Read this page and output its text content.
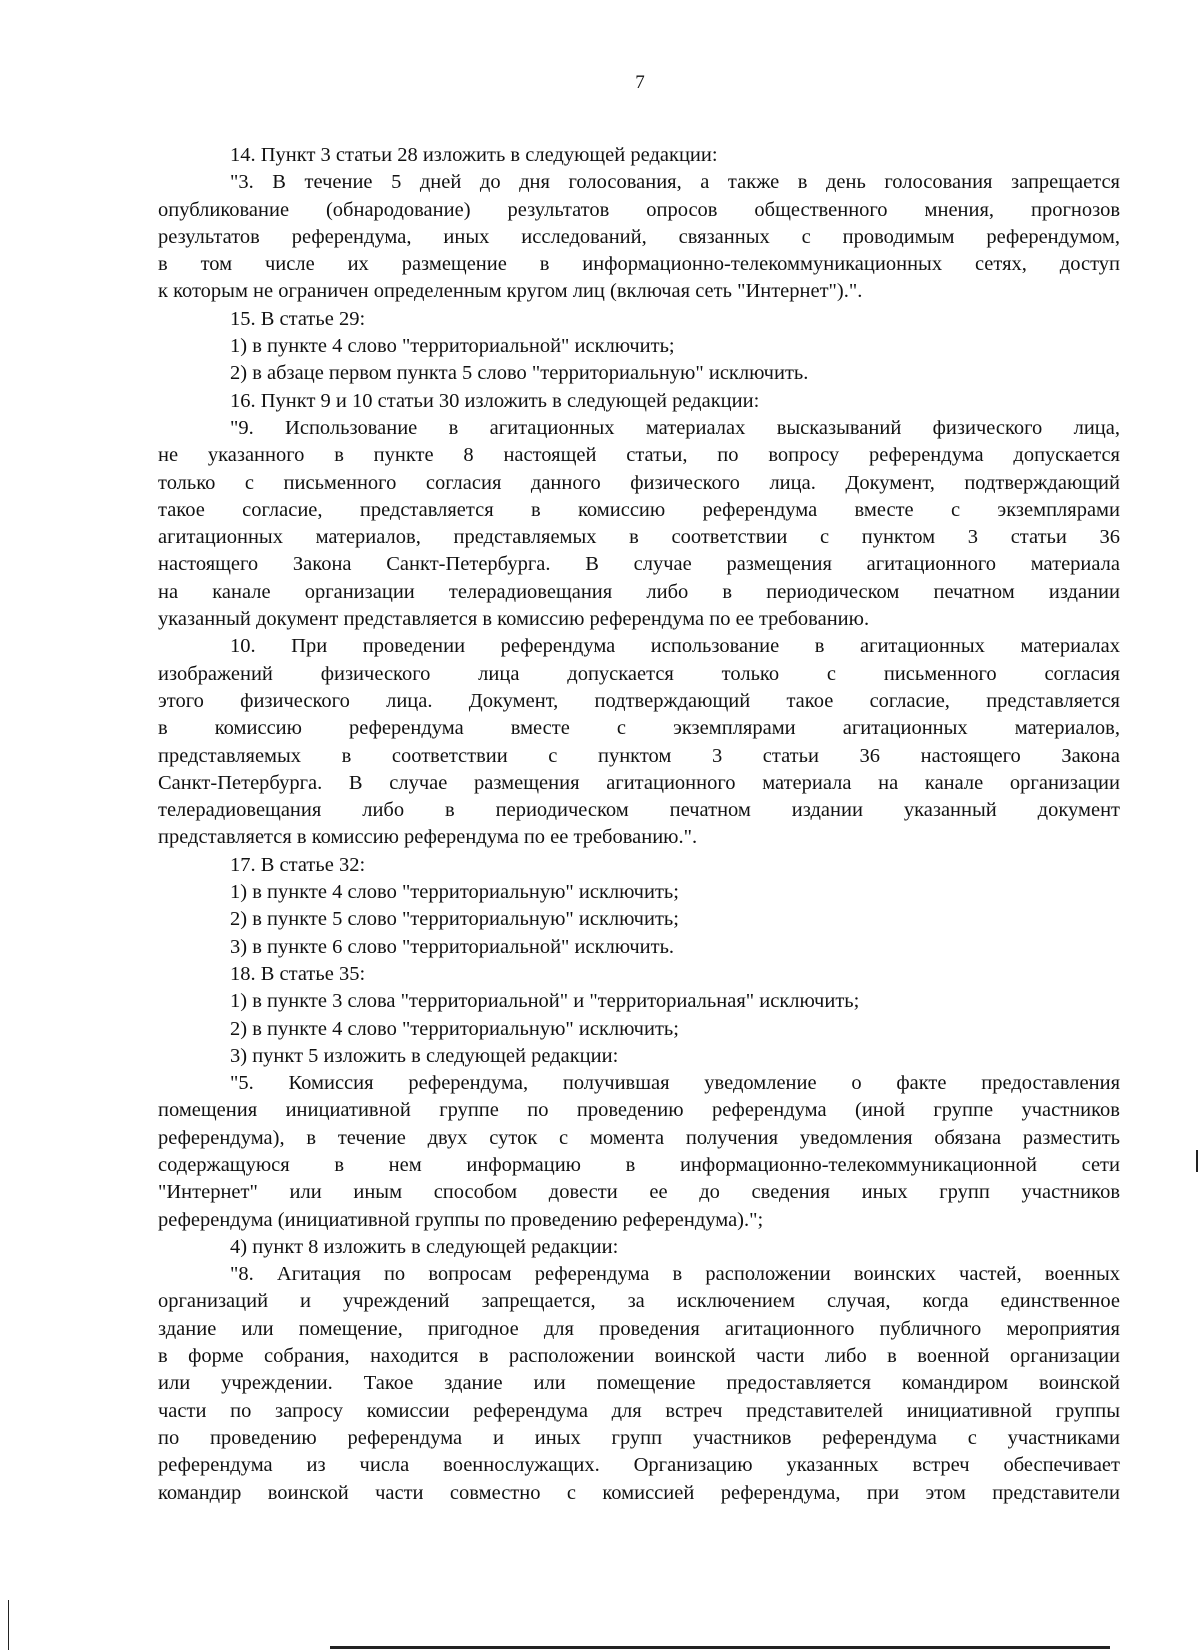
7
14. Пункт 3 статьи 28 изложить в следующей редакции:
"3. В течение 5 дней до дня голосования, а также в день голосования запрещается
опубликование (обнародование) результатов опросов общественного мнения, прогнозов
результатов референдума, иных исследований, связанных с проводимым референдумом,
в том числе их размещение в информационно-телекоммуникационных сетях, доступ
к которым не ограничен определенным кругом лиц (включая сеть "Интернет").".
15. В статье 29:
1) в пункте 4 слово "территориальной" исключить;
2) в абзаце первом пункта 5 слово "территориальную" исключить.
16. Пункт 9 и 10 статьи 30 изложить в следующей редакции:
"9. Использование в агитационных материалах высказываний физического лица,
не указанного в пункте 8 настоящей статьи, по вопросу референдума допускается
только с письменного согласия данного физического лица. Документ, подтверждающий
такое согласие, представляется в комиссию референдума вместе с экземплярами
агитационных материалов, представляемых в соответствии с пунктом 3 статьи 36
настоящего Закона Санкт-Петербурга. В случае размещения агитационного материала
на канале организации телерадиовещания либо в периодическом печатном издании
указанный документ представляется в комиссию референдума по ее требованию.
10. При проведении референдума использование в агитационных материалах
изображений физического лица допускается только с письменного согласия
этого физического лица. Документ, подтверждающий такое согласие, представляется
в комиссию референдума вместе с экземплярами агитационных материалов,
представляемых в соответствии с пунктом 3 статьи 36 настоящего Закона
Санкт-Петербурга. В случае размещения агитационного материала на канале организации
телерадиовещания либо в периодическом печатном издании указанный документ
представляется в комиссию референдума по ее требованию.".
17. В статье 32:
1) в пункте 4 слово "территориальную" исключить;
2) в пункте 5 слово "территориальную" исключить;
3) в пункте 6 слово "территориальной" исключить.
18. В статье 35:
1) в пункте 3 слова "территориальной" и "территориальная" исключить;
2) в пункте 4 слово "территориальную" исключить;
3) пункт 5 изложить в следующей редакции:
"5. Комиссия референдума, получившая уведомление о факте предоставления
помещения инициативной группе по проведению референдума (иной группе участников
референдума), в течение двух суток с момента получения уведомления обязана разместить
содержащуюся в нем информацию в информационно-телекоммуникационной сети
"Интернет" или иным способом довести ее до сведения иных групп участников
референдума (инициативной группы по проведению референдума).";
4) пункт 8 изложить в следующей редакции:
"8. Агитация по вопросам референдума в расположении воинских частей, военных
организаций и учреждений запрещается, за исключением случая, когда единственное
здание или помещение, пригодное для проведения агитационного публичного мероприятия
в форме собрания, находится в расположении воинской части либо в военной организации
или учреждении. Такое здание или помещение предоставляется командиром воинской
части по запросу комиссии референдума для встреч представителей инициативной группы
по проведению референдума и иных групп участников референдума с участниками
референдума из числа военнослужащих. Организацию указанных встреч обеспечивает
командир воинской части совместно с комиссией референдума, при этом представители
